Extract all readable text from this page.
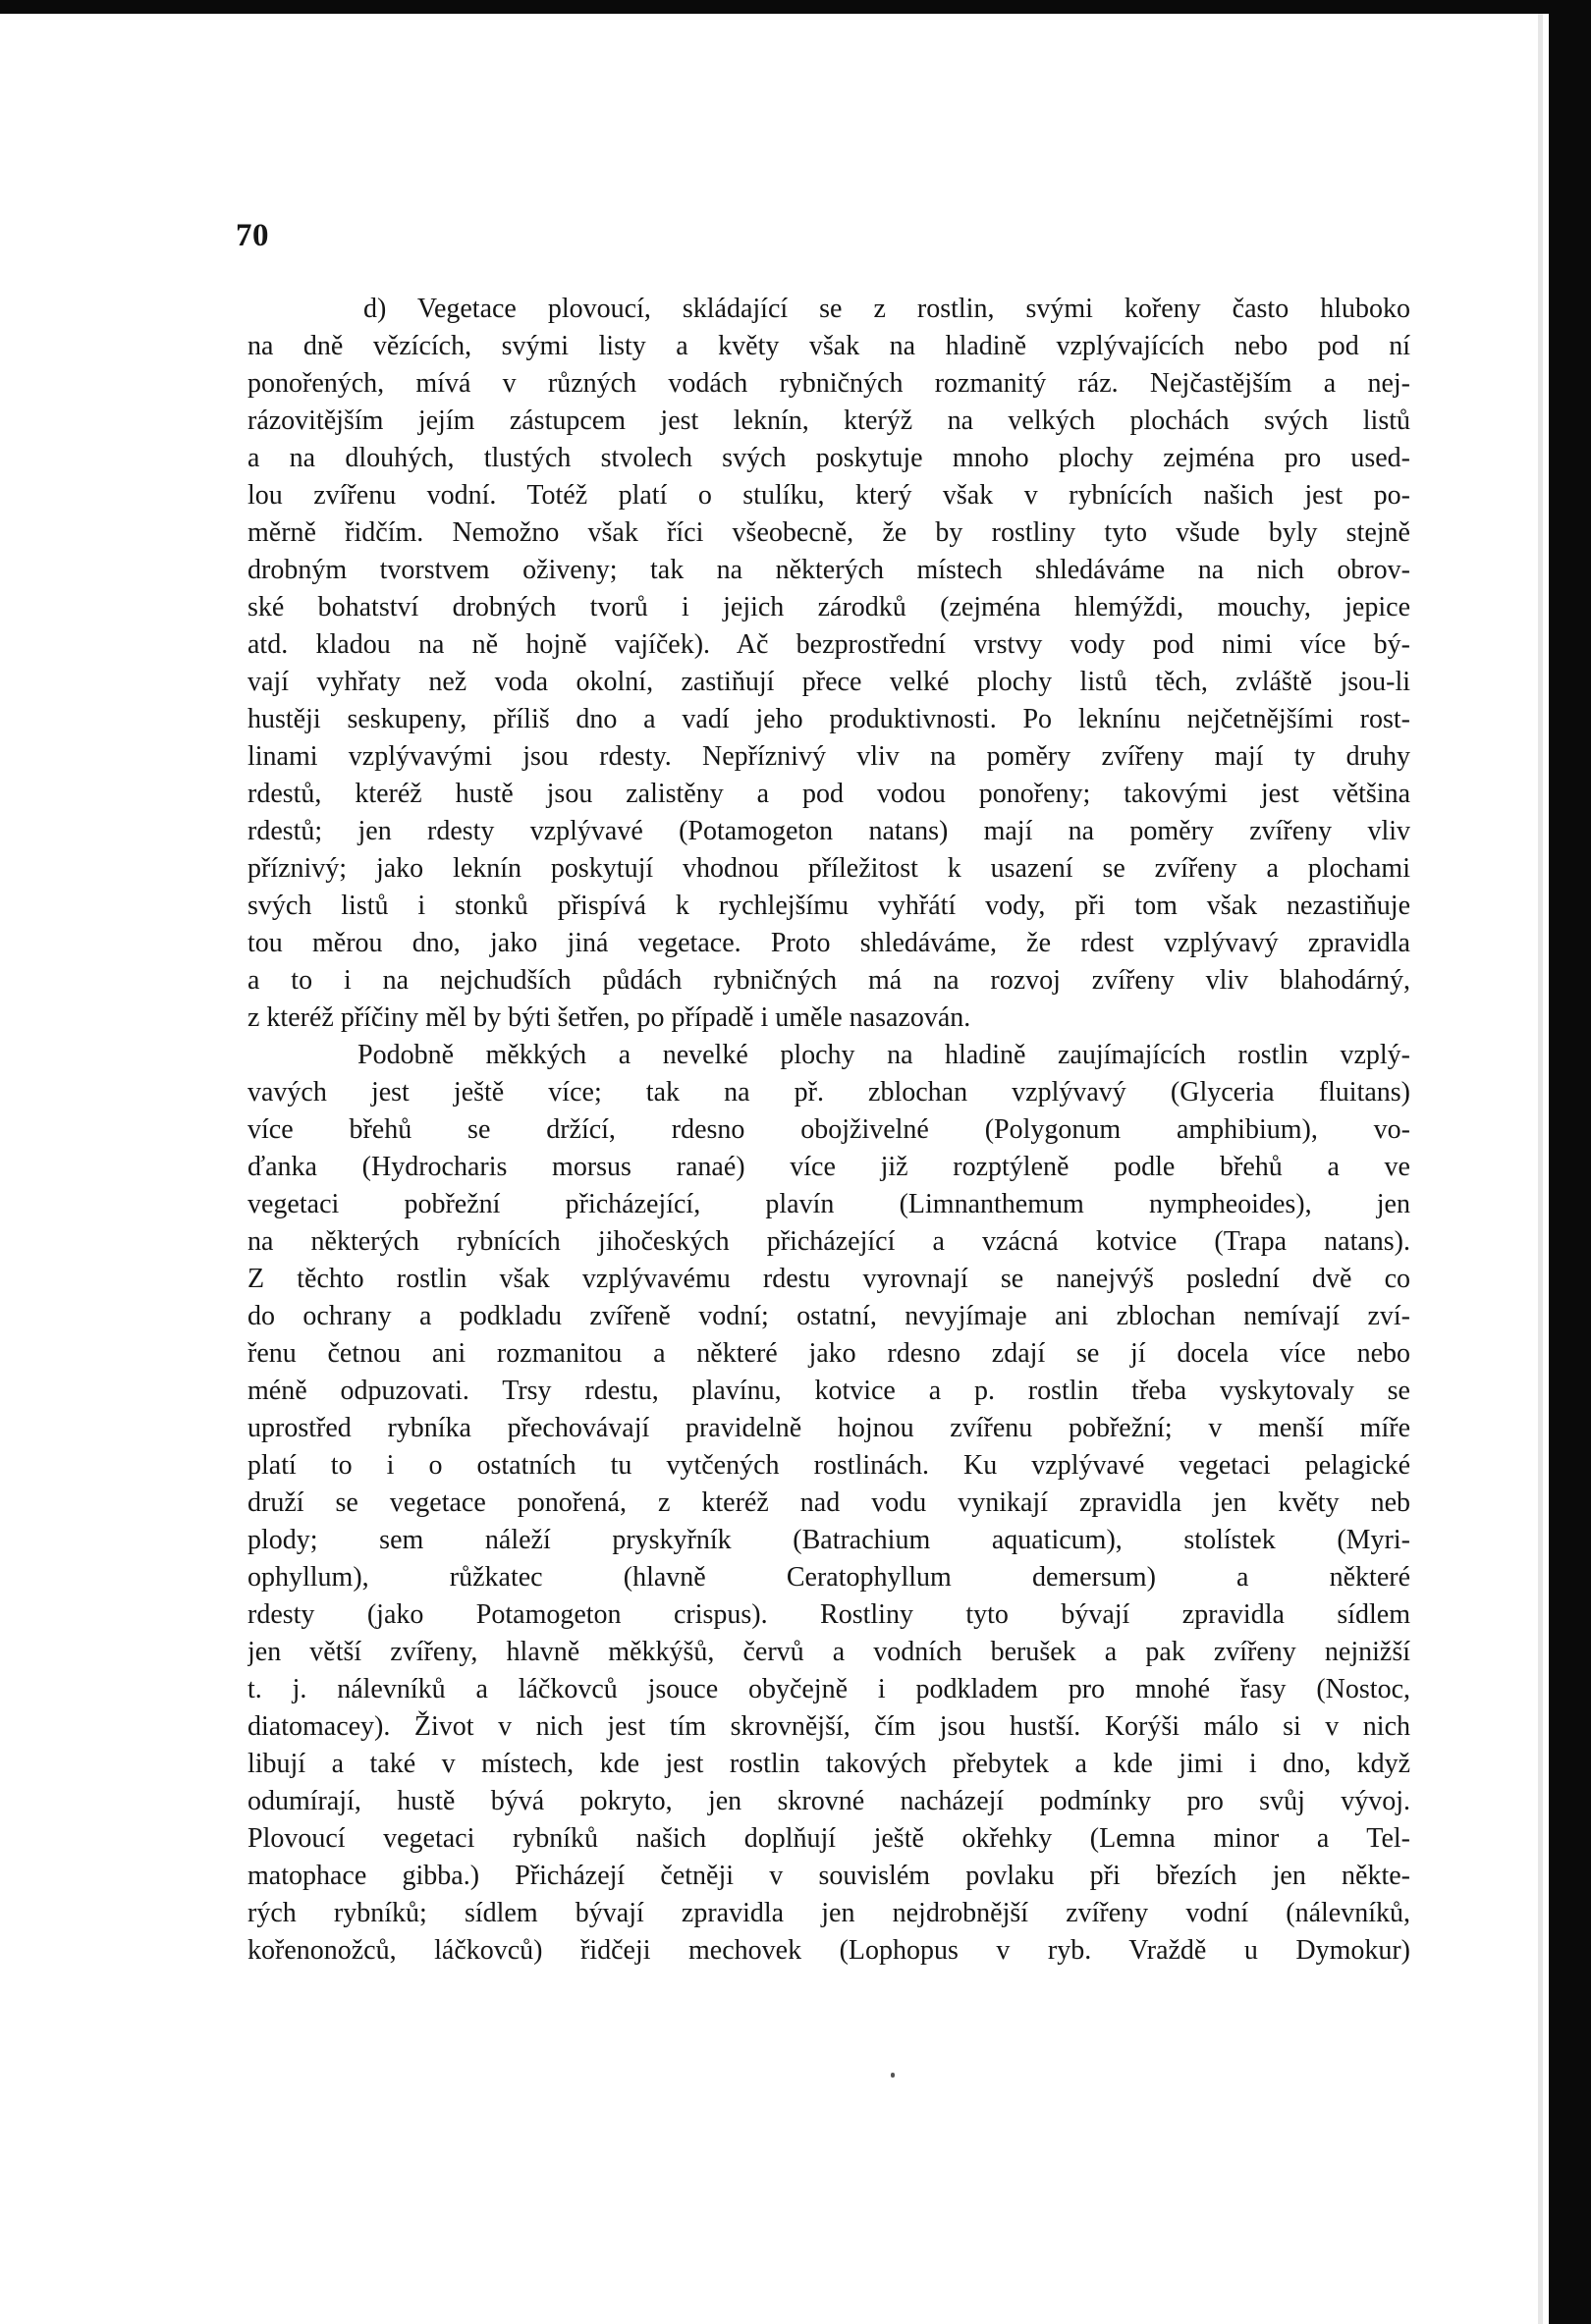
70
d) Vegetace plovoucí, skládající se z rostlin, svými kořeny často hluboko
na dně vězících, svými listy a květy však na hladině vzplývajících nebo pod ní
ponořených, mívá v různých vodách rybničných rozmanitý ráz. Nejčastějším a nej-
rázovitějším jejím zástupcem jest leknín, kterýž na velkých plochách svých listů
a na dlouhých, tlustých stvolech svých poskytuje mnoho plochy zejména pro used-
lou zvířenu vodní. Totéž platí o stulíku, který však v rybnících našich jest po-
měrně řidčím. Nemožno však říci všeobecně, že by rostliny tyto všude byly stejně
drobným tvorstvem oživeny; tak na některých místech shledáváme na nich obrov-
ské bohatství drobných tvorů i jejich zárodků (zejména hlemýždi, mouchy, jepice
atd. kladou na ně hojně vajíček). Ač bezprostřední vrstvy vody pod nimi více bý-
vají vyhřaty než voda okolní, zastiňují přece velké plochy listů těch, zvláště jsou-li
hustěji seskupeny, příliš dno a vadí jeho produktivnosti. Po leknínu nejčetnějšími rost-
linami vzplývavými jsou rdesty. Nepříznivý vliv na poměry zvířeny mají ty druhy
rdestů, kteréž hustě jsou zalistěny a pod vodou ponořeny; takovými jest většina
rdestů; jen rdesty vzplývavé (Potamogeton natans) mají na poměry zvířeny vliv
příznivý; jako leknín poskytují vhodnou příležitost k usazení se zvířeny a plochami
svých listů i stonků přispívá k rychlejšímu vyhřátí vody, při tom však nezastiňuje
tou měrou dno, jako jiná vegetace. Proto shledáváme, že rdest vzplývavý zpravidla
a to i na nejchudších půdách rybničných má na rozvoj zvířeny vliv blahodárný,
z kteréž příčiny měl by býti šetřen, po případě i uměle nasazován.
Podobně měkkých a nevelké plochy na hladině zaujímajících rostlin vzplý-
vavých jest ještě více; tak na př. zblochan vzplývavý (Glyceria fluitans)
více břehů se držící, rdesno obojživelné (Polygonum amphibium), vo-
ďanka (Hydrocharis morsus ranaé) více již rozptýleně podle břehů a ve
vegetaci pobřežní přicházející, plavín (Limnanthemum nympheoides), jen
na některých rybnících jihočeských přicházející a vzácná kotvice (Trapa natans).
Z těchto rostlin však vzplývavému rdestu vyrovnají se nanejvýš poslední dvě co
do ochrany a podkladu zvířeně vodní; ostatní, nevyjímaje ani zblochan nemívají zví-
řenu četnou ani rozmanitou a některé jako rdesno zdají se jí docela více nebo
méně odpuzovati. Trsy rdestu, plavínu, kotvice a p. rostlin třeba vyskytovaly se
uprostřed rybníka přechovávají pravidelně hojnou zvířenu pobřežní; v menší míře
platí to i o ostatních tu vytčených rostlinách. Ku vzplývavé vegetaci pelagické
druží se vegetace ponořená, z kteréž nad vodu vynikají zpravidla jen květy neb
plody; sem náleží pryskyřník (Batrachium aquaticum), stolístek (Myri-
ophyllum), růžkatec (hlavně Ceratophyllum demersum) a některé
rdesty (jako Potamogeton crispus). Rostliny tyto bývají zpravidla sídlem
jen větší zvířeny, hlavně měkkýšů, červů a vodních berušek a pak zvířeny nejnižší
t. j. nálevníků a láčkovců jsouce obyčejně i podkladem pro mnohé řasy (Nostoc,
diatomacey). Život v nich jest tím skrovnější, čím jsou hustší. Korýši málo si v nich
libují a také v místech, kde jest rostlin takových přebytek a kde jimi i dno, když
odumírají, hustě bývá pokryto, jen skrovné nacházejí podmínky pro svůj vývoj.
Plovoucí vegetaci rybníků našich doplňují ještě okřehky (Lemna minor a Tel-
matophace gibba.) Přicházejí četněji v souvislém povlaku při březích jen někte-
rých rybníků; sídlem bývají zpravidla jen nejdrobnější zvířeny vodní (nálevníků,
kořenonožců, láčkovců) řidčeji mechovek (Lophopus v ryb. Vraždě u Dymokur)
